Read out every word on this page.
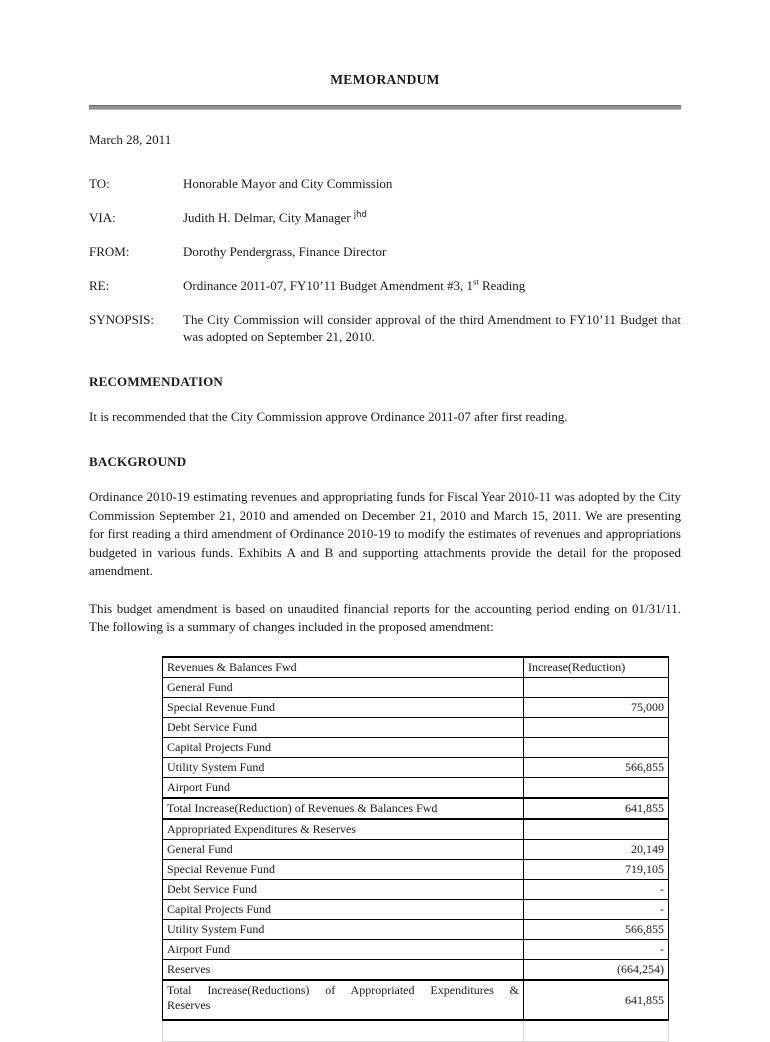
MEMORANDUM
March 28, 2011
TO:	Honorable Mayor and City Commission
VIA:	Judith H. Delmar, City Manager $^{jhd}$
FROM:	Dorothy Pendergrass, Finance Director
RE:	Ordinance 2011-07, FY10’11 Budget Amendment #3, 1st Reading
SYNOPSIS:	The City Commission will consider approval of the third Amendment to FY10’11 Budget that was adopted on September 21, 2010.
RECOMMENDATION

It is recommended that the City Commission approve Ordinance 2011-07 after first reading.

BACKGROUND

Ordinance 2010-19 estimating revenues and appropriating funds for Fiscal Year 2010-11 was adopted by the City Commission September 21, 2010 and amended on December 21, 2010 and March 15, 2011. We are presenting for first reading a third amendment of Ordinance 2010-19 to modify the estimates of revenues and appropriations budgeted in various funds. Exhibits A and B and supporting attachments provide the detail for the proposed amendment.

This budget amendment is based on unaudited financial reports for the accounting period ending on 01/31/11. The following is a summary of changes included in the proposed amendment:

Revenues & Balances Fwd	Increase(Reduction)
General Fund	
Special Revenue Fund	75,000
Debt Service Fund	
Capital Projects Fund	
Utility System Fund	566,855
Airport Fund	
Total Increase(Reduction) of Revenues & Balances Fwd	641,855
Appropriated Expenditures & Reserves	
General Fund	20,149
Special Revenue Fund	719,105
Debt Service Fund	-
Capital Projects Fund	-
Utility System Fund	566,855
Airport Fund	-
Reserves	(664,254)

Total Increase(Reductions) of Appropriated Expenditures &
Reserves	641,855
